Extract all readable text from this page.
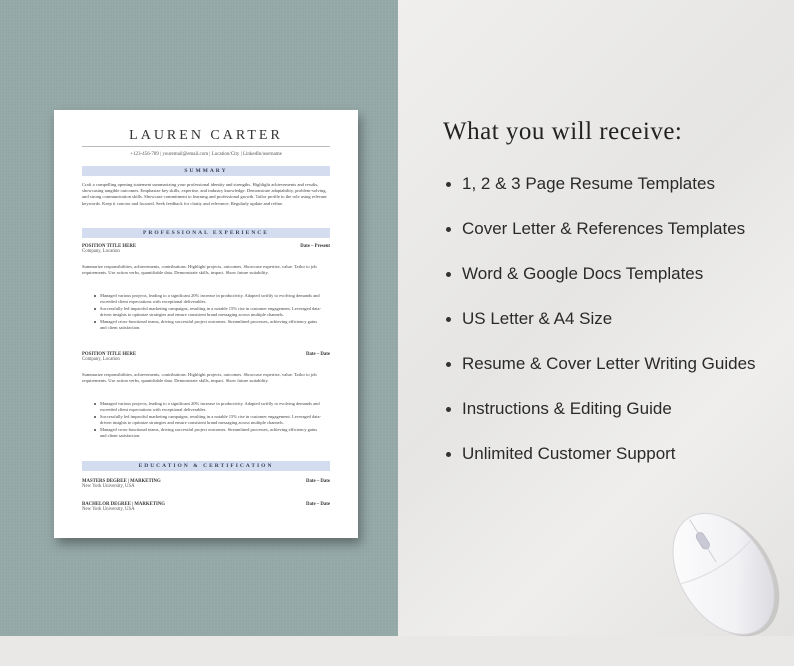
LAUREN CARTER
+123-456-789 | youremail@email.com | Location/City | LinkedIn/username
SUMMARY
Craft a compelling opening statement summarizing your professional identity and strengths. Highlight achievements and results, showcasing tangible outcomes. Emphasize key skills, expertise, and industry knowledge. Demonstrate adaptability, problem-solving, and strong communication skills. Showcase commitment to learning and professional growth. Tailor profile to the role using relevant keywords. Keep it concise and focused. Seek feedback for clarity and relevance. Regularly update and refine.
PROFESSIONAL EXPERIENCE
POSITION TITLE HERE	Date – Present
Company, Location
Summarize responsibilities, achievements, contributions. Highlight projects, outcomes. Showcase expertise, value. Tailor to job requirements. Use action verbs, quantifiable data. Demonstrate skills, impact. Show future suitability.
Managed various projects, leading to a significant 20% increase in productivity. Adapted swiftly to evolving demands and exceeded client expectations with exceptional deliverables.
Successfully led impactful marketing campaigns, resulting in a notable 15% rise in customer engagement. Leveraged data-driven insights to optimize strategies and ensure consistent brand messaging across multiple channels.
Managed cross-functional teams, driving successful project outcomes. Streamlined processes, achieving efficiency gains and client satisfaction.
POSITION TITLE HERE	Date – Date
Company, Location
Summarize responsibilities, achievements, contributions. Highlight projects, outcomes. Showcase expertise, value. Tailor to job requirements. Use action verbs, quantifiable data. Demonstrate skills, impact. Show future suitability.
Managed various projects, leading to a significant 20% increase in productivity. Adapted swiftly to evolving demands and exceeded client expectations with exceptional deliverables.
Successfully led impactful marketing campaigns, resulting in a notable 15% rise in customer engagement. Leveraged data-driven insights to optimize strategies and ensure consistent brand messaging across multiple channels.
Managed cross-functional teams, driving successful project outcomes. Streamlined processes, achieving efficiency gains and client satisfaction.
EDUCATION & CERTIFICATION
MASTERS DEGREE | MARKETING	Date – Date
New York University, USA
BACHELOR DEGREE | MARKETING	Date – Date
New York University, USA
What you will receive:
1, 2 & 3 Page Resume Templates
Cover Letter & References Templates
Word & Google Docs Templates
US Letter & A4 Size
Resume & Cover Letter Writing Guides
Instructions & Editing Guide
Unlimited Customer Support
